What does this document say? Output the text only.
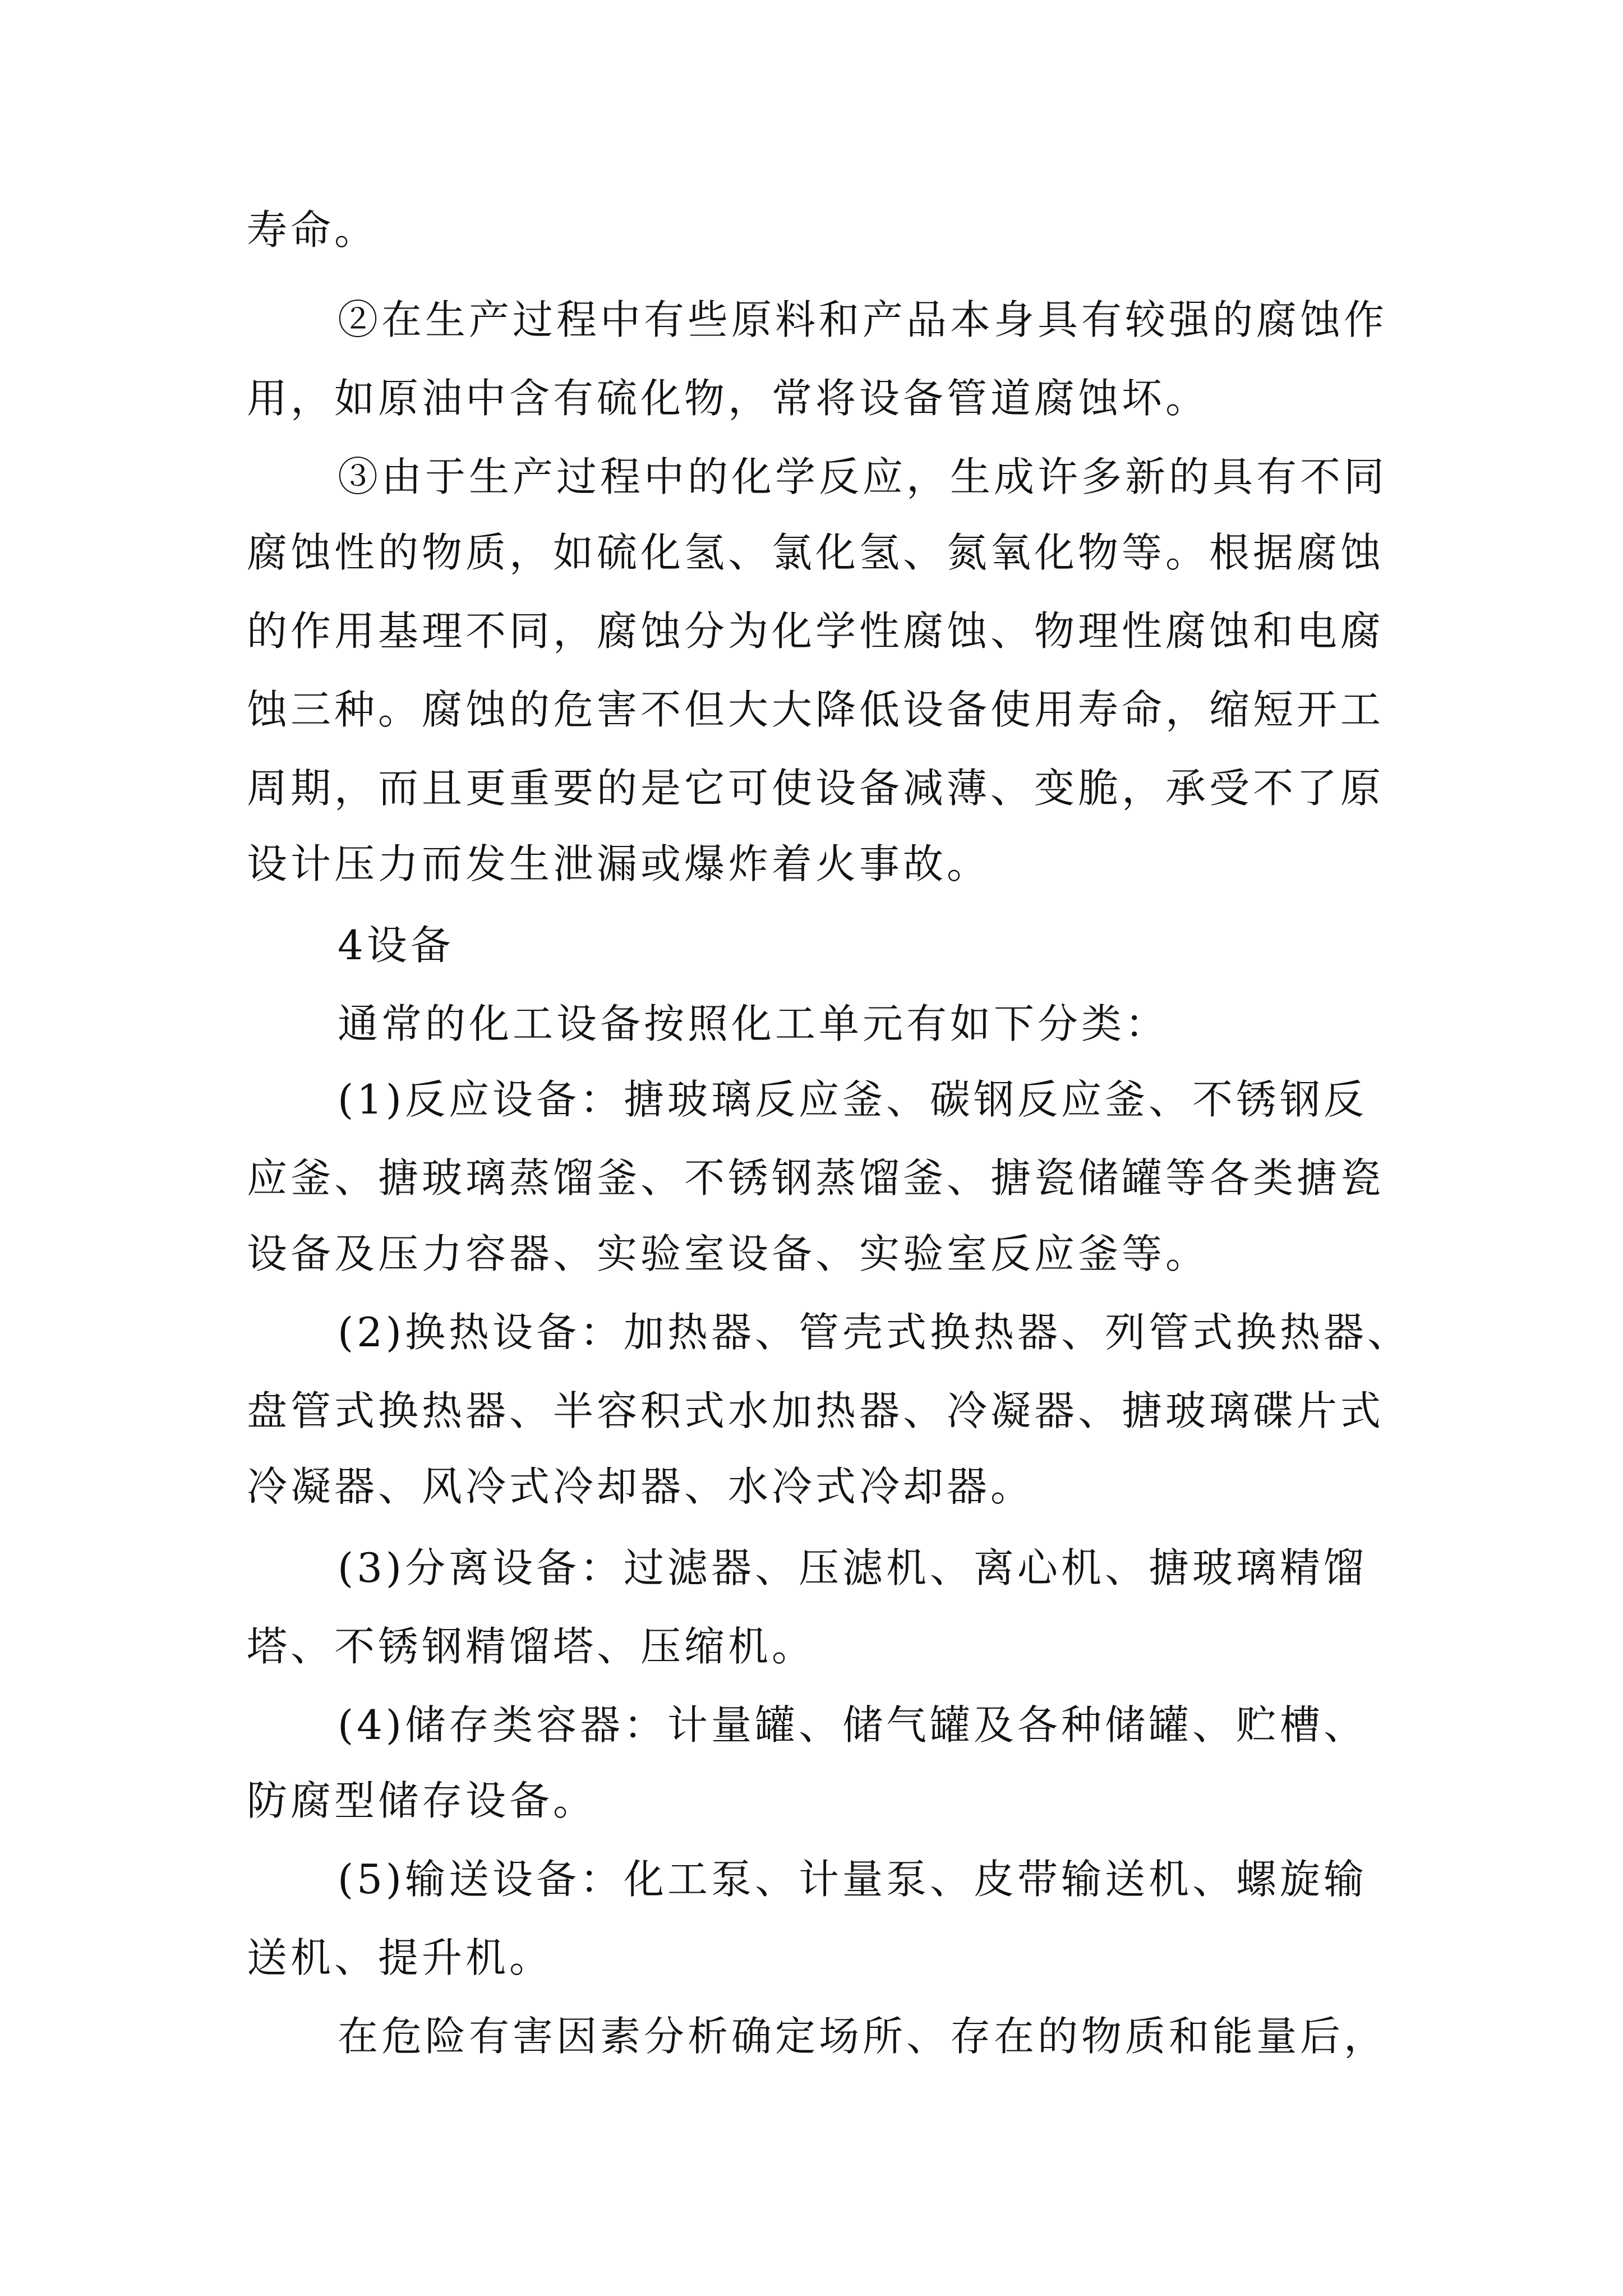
寿命。
②在生产过程中有些原料和产品本身具有较强的腐蚀作
用，如原油中含有硫化物，常将设备管道腐蚀坏。
③由于生产过程中的化学反应，生成许多新的具有不同
腐蚀性的物质，如硫化氢、氯化氢、氮氧化物等。根据腐蚀
的作用基理不同，腐蚀分为化学性腐蚀、物理性腐蚀和电腐
蚀三种。腐蚀的危害不但大大降低设备使用寿命，缩短开工
周期，而且更重要的是它可使设备减薄、变脆，承受不了原
设计压力而发生泄漏或爆炸着火事故。
4设备
通常的化工设备按照化工单元有如下分类：
(1)反应设备：搪玻璃反应釜、碳钢反应釜、不锈钢反
应釜、搪玻璃蒸馏釜、不锈钢蒸馏釜、搪瓷储罐等各类搪瓷
设备及压力容器、实验室设备、实验室反应釜等。
(2)换热设备：加热器、管壳式换热器、列管式换热器、
盘管式换热器、半容积式水加热器、冷凝器、搪玻璃碟片式
冷凝器、风冷式冷却器、水冷式冷却器。
(3)分离设备：过滤器、压滤机、离心机、搪玻璃精馏
塔、不锈钢精馏塔、压缩机。
(4)储存类容器：计量罐、储气罐及各种储罐、贮槽、
防腐型储存设备。
(5)输送设备：化工泵、计量泵、皮带输送机、螺旋输
送机、提升机。
在危险有害因素分析确定场所、存在的物质和能量后，
